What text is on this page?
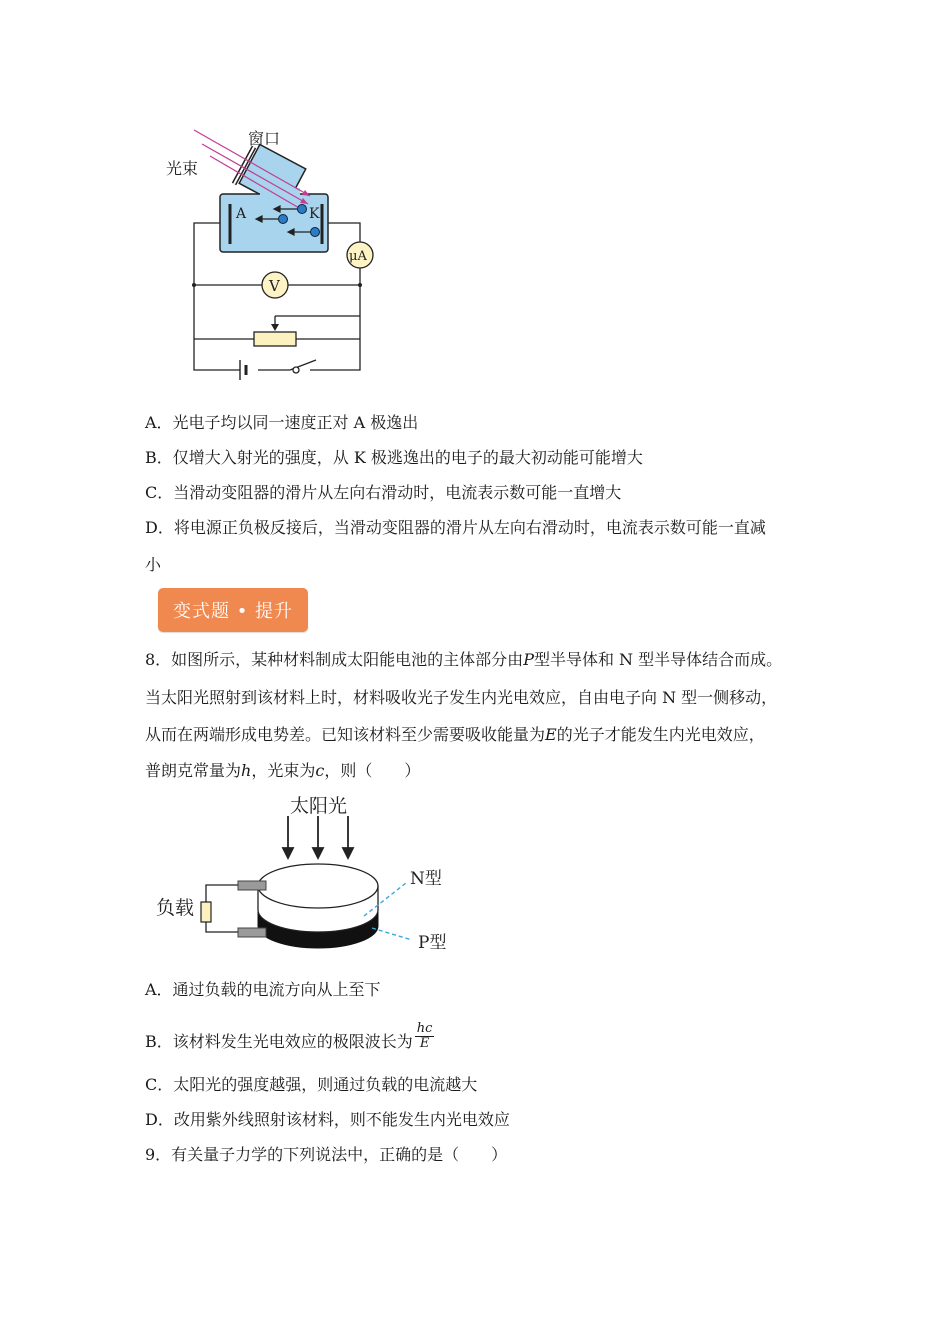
窗口
光束
A	K
μA
V
A．光电子均以同一速度正对 A 极逸出
B．仅增大入射光的强度，从 K 极逃逸出的电子的最大初动能可能增大
C．当滑动变阻器的滑片从左向右滑动时，电流表示数可能一直增大
D．将电源正负极反接后，当滑动变阻器的滑片从左向右滑动时，电流表示数可能一直减
小
变式题 • 提升
8．如图所示，某种材料制成太阳能电池的主体部分由P型半导体和 N 型半导体结合而成。
当太阳光照射到该材料上时，材料吸收光子发生内光电效应，自由电子向 N 型一侧移动，
从而在两端形成电势差。已知该材料至少需要吸收能量为E的光子才能发生内光电效应，
普朗克常量为h，光束为c，则（　　）
太阳光
负载
N型
P型
A．通过负载的电流方向从上至下
B．该材料发生光电效应的极限波长为 $\frac{hc}{E}$
C．太阳光的强度越强，则通过负载的电流越大
D．改用紫外线照射该材料，则不能发生内光电效应
9．有关量子力学的下列说法中，正确的是（　　）
